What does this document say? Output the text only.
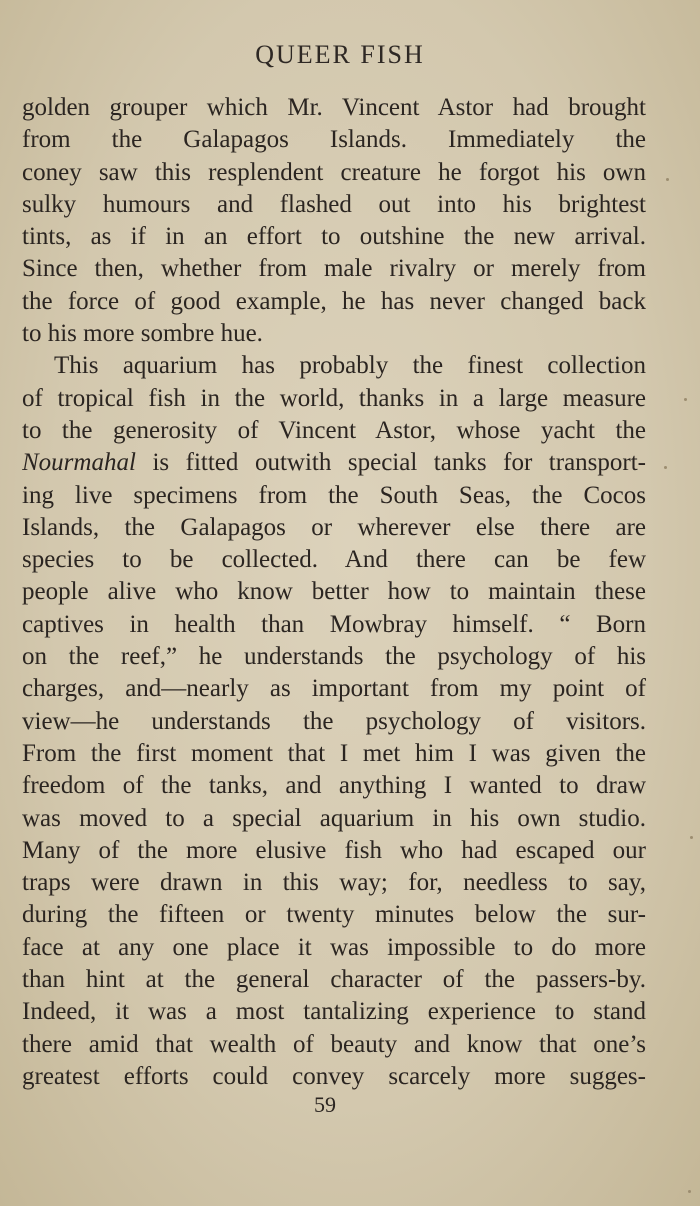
QUEER FISH
golden grouper which Mr. Vincent Astor had brought
from the Galapagos Islands. Immediately the
coney saw this resplendent creature he forgot his own
sulky humours and flashed out into his brightest
tints, as if in an effort to outshine the new arrival.
Since then, whether from male rivalry or merely from
the force of good example, he has never changed back
to his more sombre hue.
This aquarium has probably the finest collection
of tropical fish in the world, thanks in a large measure
to the generosity of Vincent Astor, whose yacht the
Nourmahal is fitted outwith special tanks for transport-
ing live specimens from the South Seas, the Cocos
Islands, the Galapagos or wherever else there are
species to be collected. And there can be few
people alive who know better how to maintain these
captives in health than Mowbray himself. “ Born
on the reef,” he understands the psychology of his
charges, and—nearly as important from my point of
view—he understands the psychology of visitors.
From the first moment that I met him I was given the
freedom of the tanks, and anything I wanted to draw
was moved to a special aquarium in his own studio.
Many of the more elusive fish who had escaped our
traps were drawn in this way; for, needless to say,
during the fifteen or twenty minutes below the sur-
face at any one place it was impossible to do more
than hint at the general character of the passers-by.
Indeed, it was a most tantalizing experience to stand
there amid that wealth of beauty and know that one’s
greatest efforts could convey scarcely more sugges-
59
